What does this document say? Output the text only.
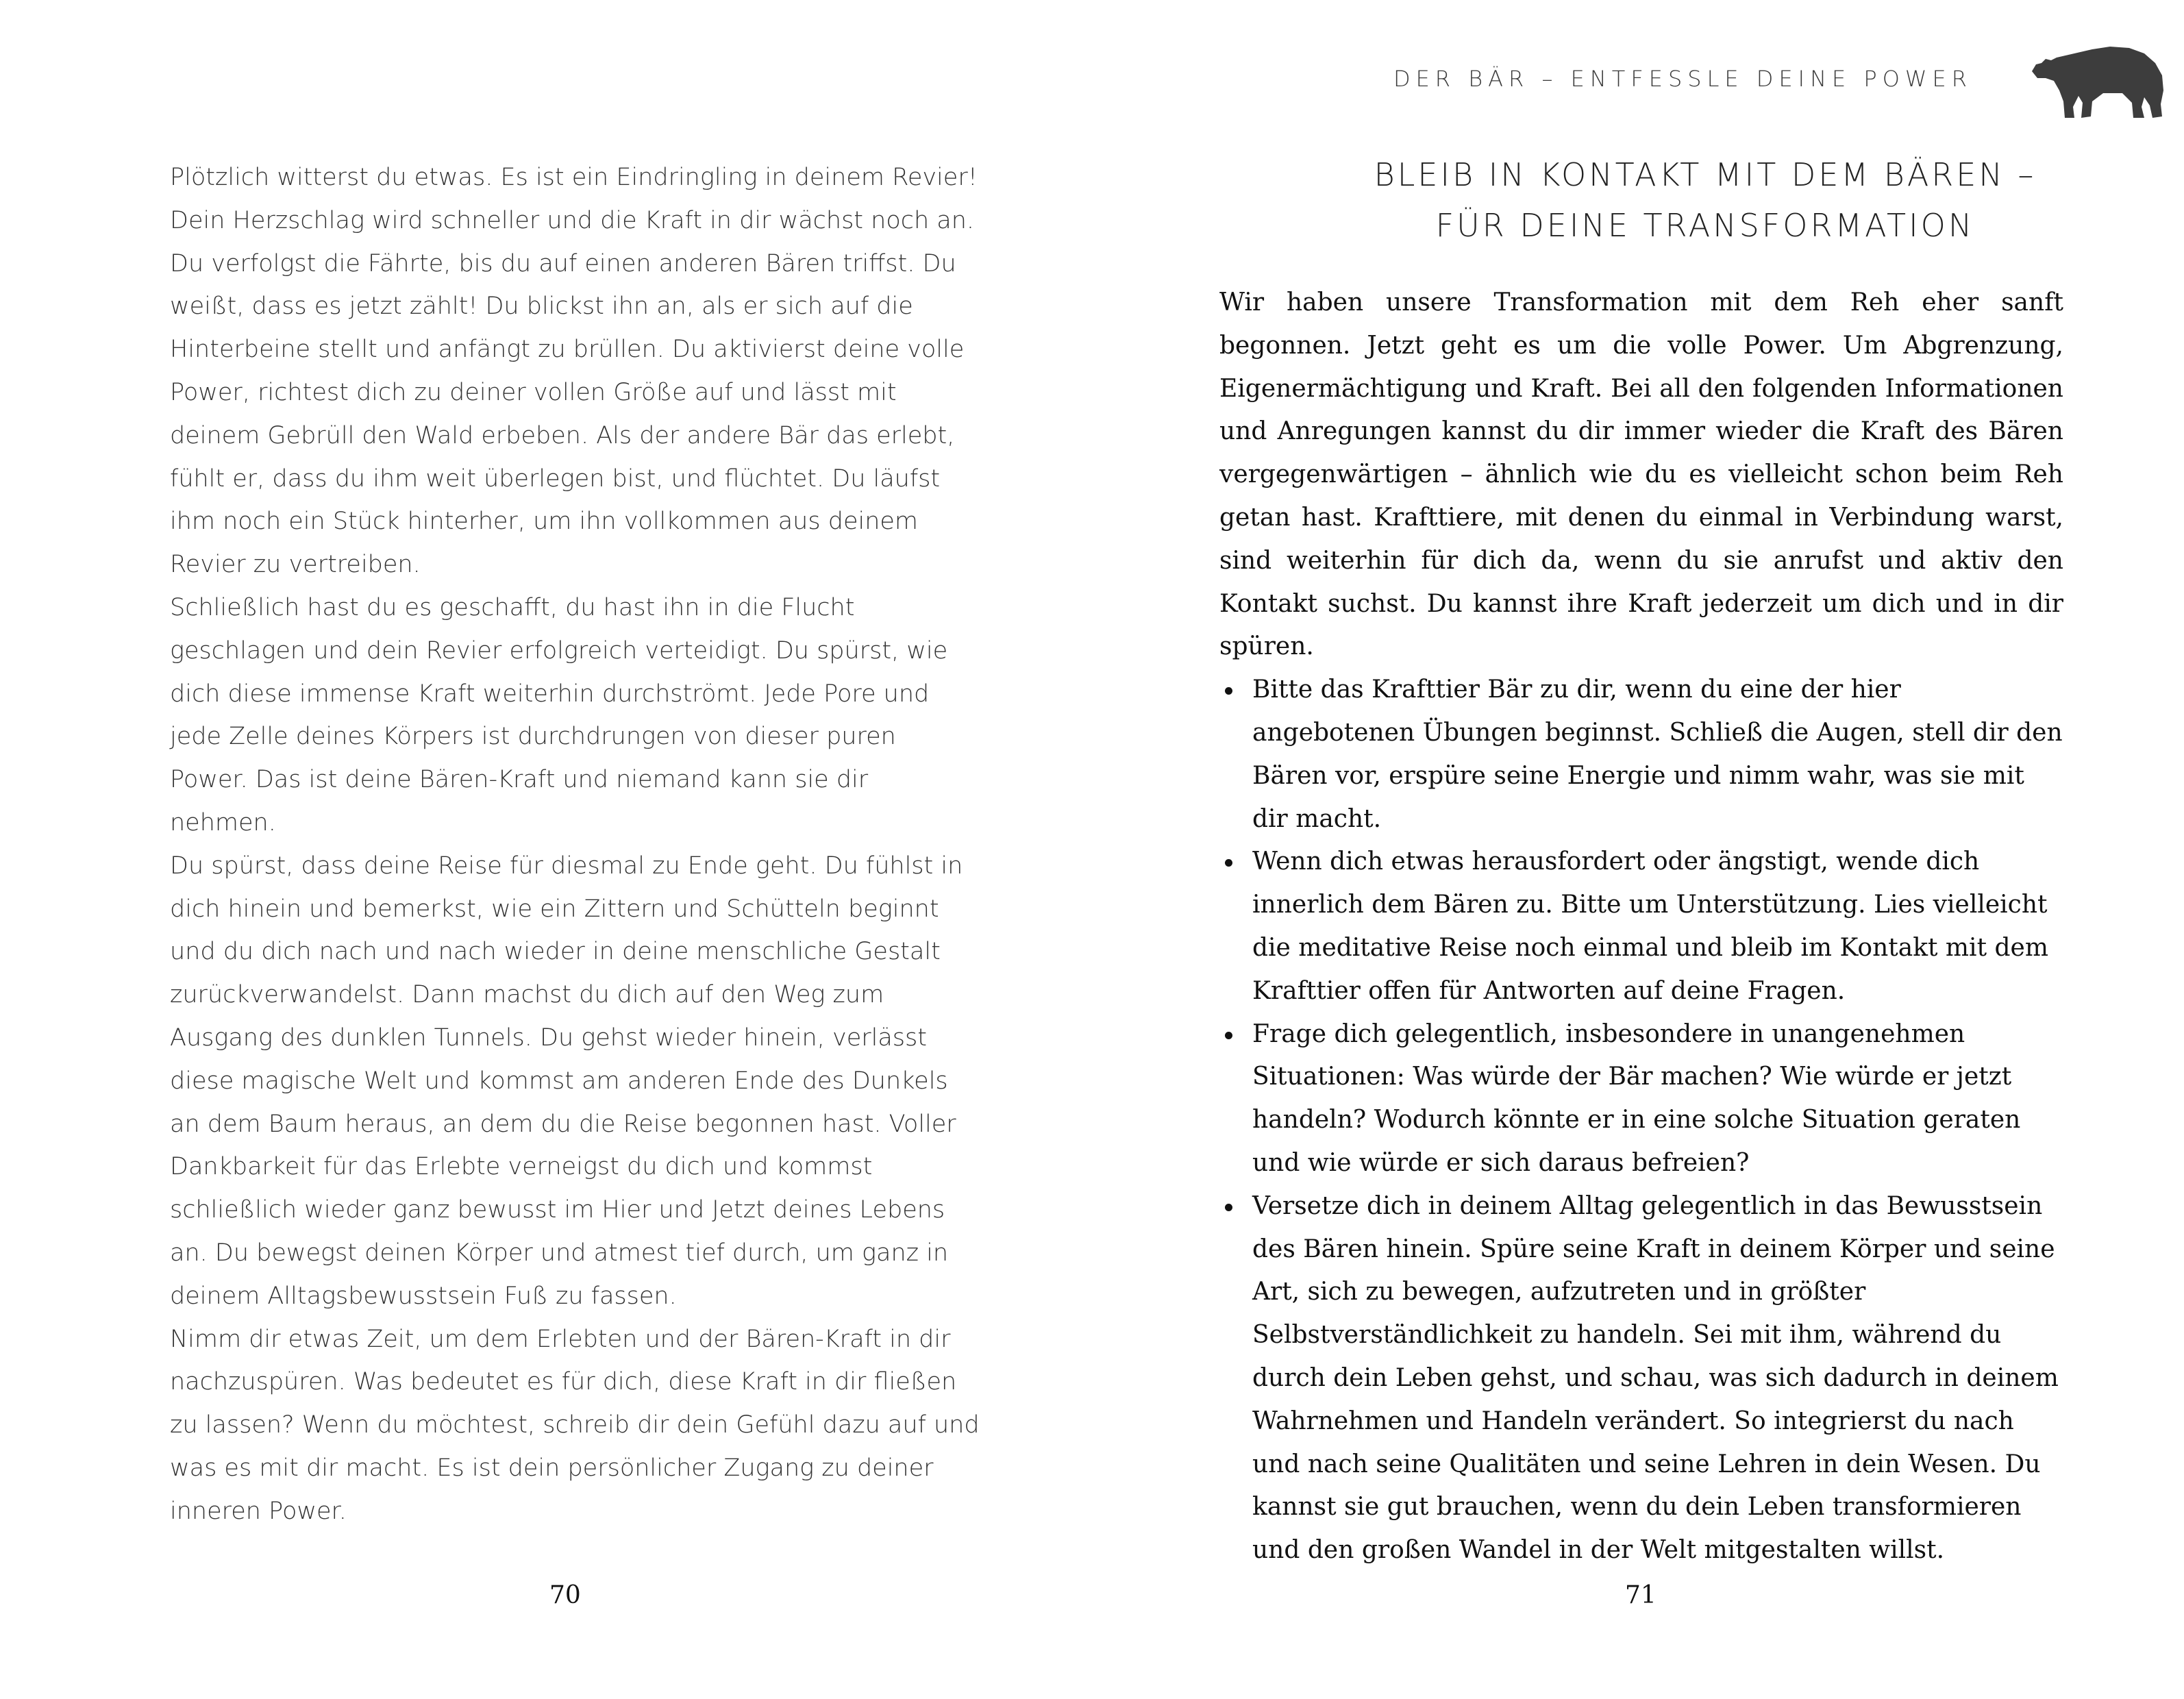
Plötzlich witterst du etwas. Es ist ein Eindringling in deinem Revier! Dein Herzschlag wird schneller und die Kraft in dir wächst noch an. Du verfolgst die Fährte, bis du auf einen anderen Bären triffst. Du weißt, dass es jetzt zählt! Du blickst ihn an, als er sich auf die Hinterbeine stellt und anfängt zu brüllen. Du aktivierst deine volle Power, richtest dich zu deiner vollen Größe auf und lässt mit deinem Gebrüll den Wald erbeben. Als der andere Bär das erlebt, fühlt er, dass du ihm weit überlegen bist, und flüchtet. Du läufst ihm noch ein Stück hinterher, um ihn vollkommen aus deinem Revier zu vertreiben.

Schließlich hast du es geschafft, du hast ihn in die Flucht geschlagen und dein Revier erfolgreich verteidigt. Du spürst, wie dich diese immense Kraft weiterhin durchströmt. Jede Pore und jede Zelle deines Körpers ist durchdrungen von dieser puren Power. Das ist deine Bären-Kraft und niemand kann sie dir nehmen.

Du spürst, dass deine Reise für diesmal zu Ende geht. Du fühlst in dich hinein und bemerkst, wie ein Zittern und Schütteln beginnt und du dich nach und nach wieder in deine menschliche Gestalt zurückverwandelst. Dann machst du dich auf den Weg zum Ausgang des dunklen Tunnels. Du gehst wieder hinein, verlässt diese magische Welt und kommst am anderen Ende des Dunkels an dem Baum heraus, an dem du die Reise begonnen hast. Voller Dankbarkeit für das Erlebte verneigst du dich und kommst schließlich wieder ganz bewusst im Hier und Jetzt deines Lebens an. Du bewegst deinen Körper und atmest tief durch, um ganz in deinem Alltagsbewusstsein Fuß zu fassen.

Nimm dir etwas Zeit, um dem Erlebten und der Bären-Kraft in dir nachzuspüren. Was bedeutet es für dich, diese Kraft in dir fließen zu lassen? Wenn du möchtest, schreib dir dein Gefühl dazu auf und was es mit dir macht. Es ist dein persönlicher Zugang zu deiner inneren Power.

70
DER BÄR – ENTFESSLE DEINE POWER
BLEIB IN KONTAKT MIT DEM BÄREN –
FÜR DEINE TRANSFORMATION

Wir haben unsere Transformation mit dem Reh eher sanft begonnen. Jetzt geht es um die volle Power. Um Abgrenzung, Eigenermächtigung und Kraft. Bei all den folgenden Informationen und Anregungen kannst du dir immer wieder die Kraft des Bären vergegenwärtigen – ähnlich wie du es vielleicht schon beim Reh getan hast. Krafttiere, mit denen du einmal in Verbindung warst, sind weiterhin für dich da, wenn du sie anrufst und aktiv den Kontakt suchst. Du kannst ihre Kraft jederzeit um dich und in dir spüren.

Bitte das Krafttier Bär zu dir, wenn du eine der hier angebotenen Übungen beginnst. Schließ die Augen, stell dir den Bären vor, erspüre seine Energie und nimm wahr, was sie mit dir macht.
Wenn dich etwas herausfordert oder ängstigt, wende dich innerlich dem Bären zu. Bitte um Unterstützung. Lies vielleicht die meditative Reise noch einmal und bleib im Kontakt mit dem Krafttier offen für Antworten auf deine Fragen.
Frage dich gelegentlich, insbesondere in unangenehmen Situationen: Was würde der Bär machen? Wie würde er jetzt handeln? Wodurch könnte er in eine solche Situation geraten und wie würde er sich daraus befreien?
Versetze dich in deinem Alltag gelegentlich in das Bewusstsein des Bären hinein. Spüre seine Kraft in deinem Körper und seine Art, sich zu bewegen, aufzutreten und in größter Selbstverständlichkeit zu handeln. Sei mit ihm, während du durch dein Leben gehst, und schau, was sich dadurch in deinem Wahrnehmen und Handeln verändert. So integrierst du nach und nach seine Qualitäten und seine Lehren in dein Wesen. Du kannst sie gut brauchen, wenn du dein Leben transformieren und den großen Wandel in der Welt mitgestalten willst.
71
